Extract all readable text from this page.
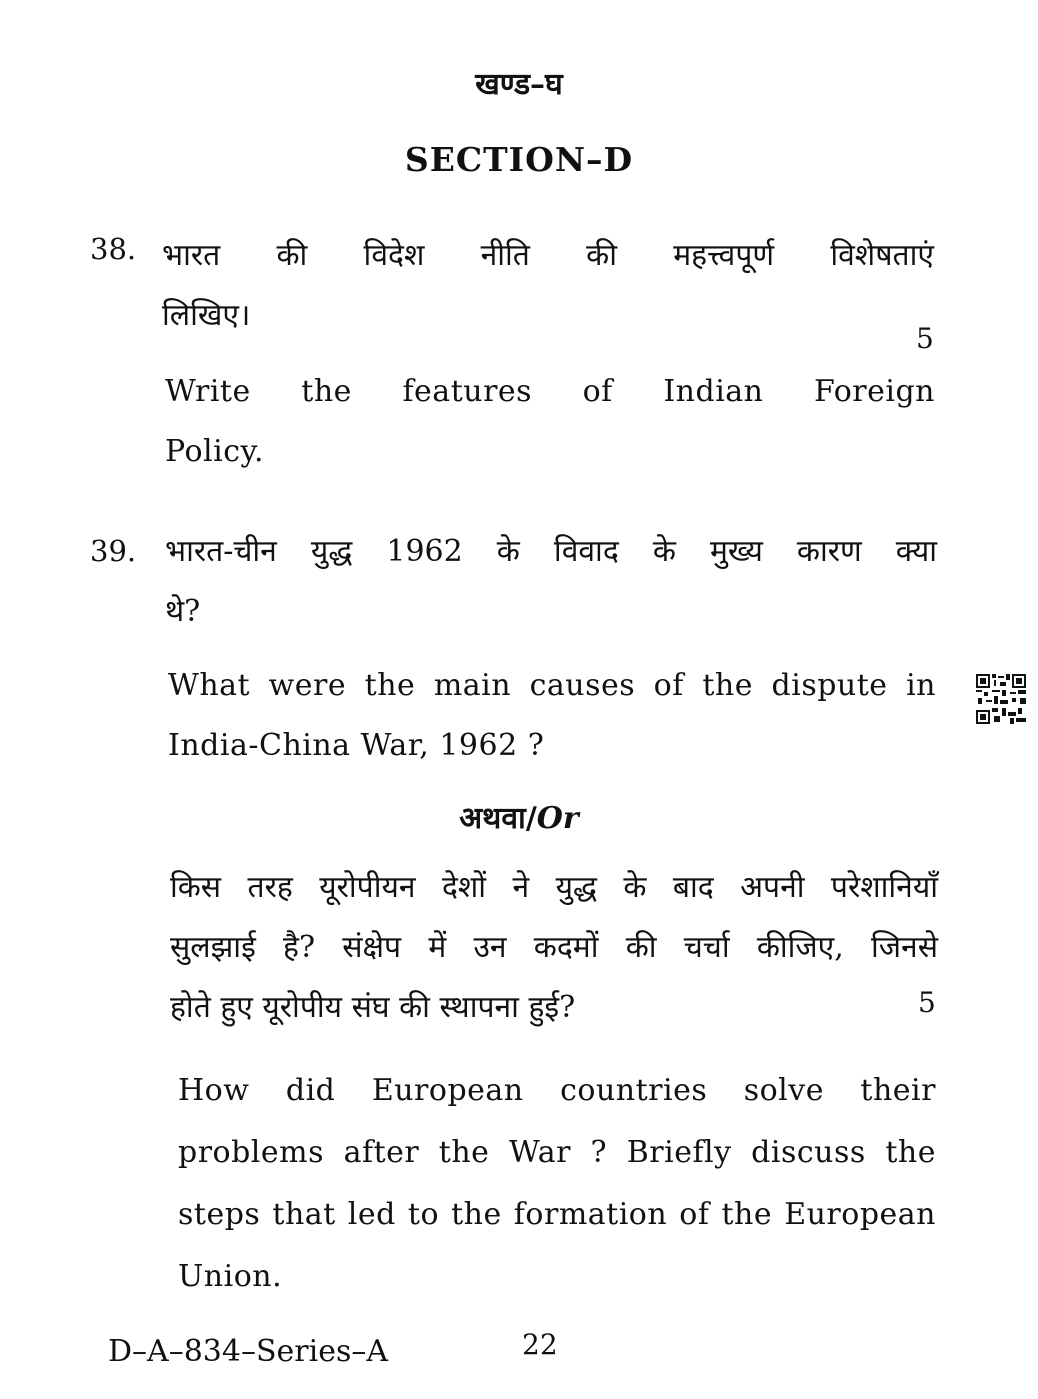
खण्ड–घ
SECTION–D
38. भारत की विदेश नीति की महत्त्वपूर्ण विशेषताएं
लिखिए।
5
Write the features of Indian Foreign
Policy.
39. भारत-चीन युद्ध 1962 के विवाद के मुख्य कारण क्या
थे?
What were the main causes of the dispute in
India-China War, 1962 ?
अथवा/Or
किस तरह यूरोपीयन देशों ने युद्ध के बाद अपनी परेशानियाँ
सुलझाई है? संक्षेप में उन कदमों की चर्चा कीजिए, जिनसे
होते हुए यूरोपीय संघ की स्थापना हुई?	5
How did European countries solve their
problems after the War ? Briefly discuss the
steps that led to the formation of the European
Union.
D–A–834–Series–A	22
